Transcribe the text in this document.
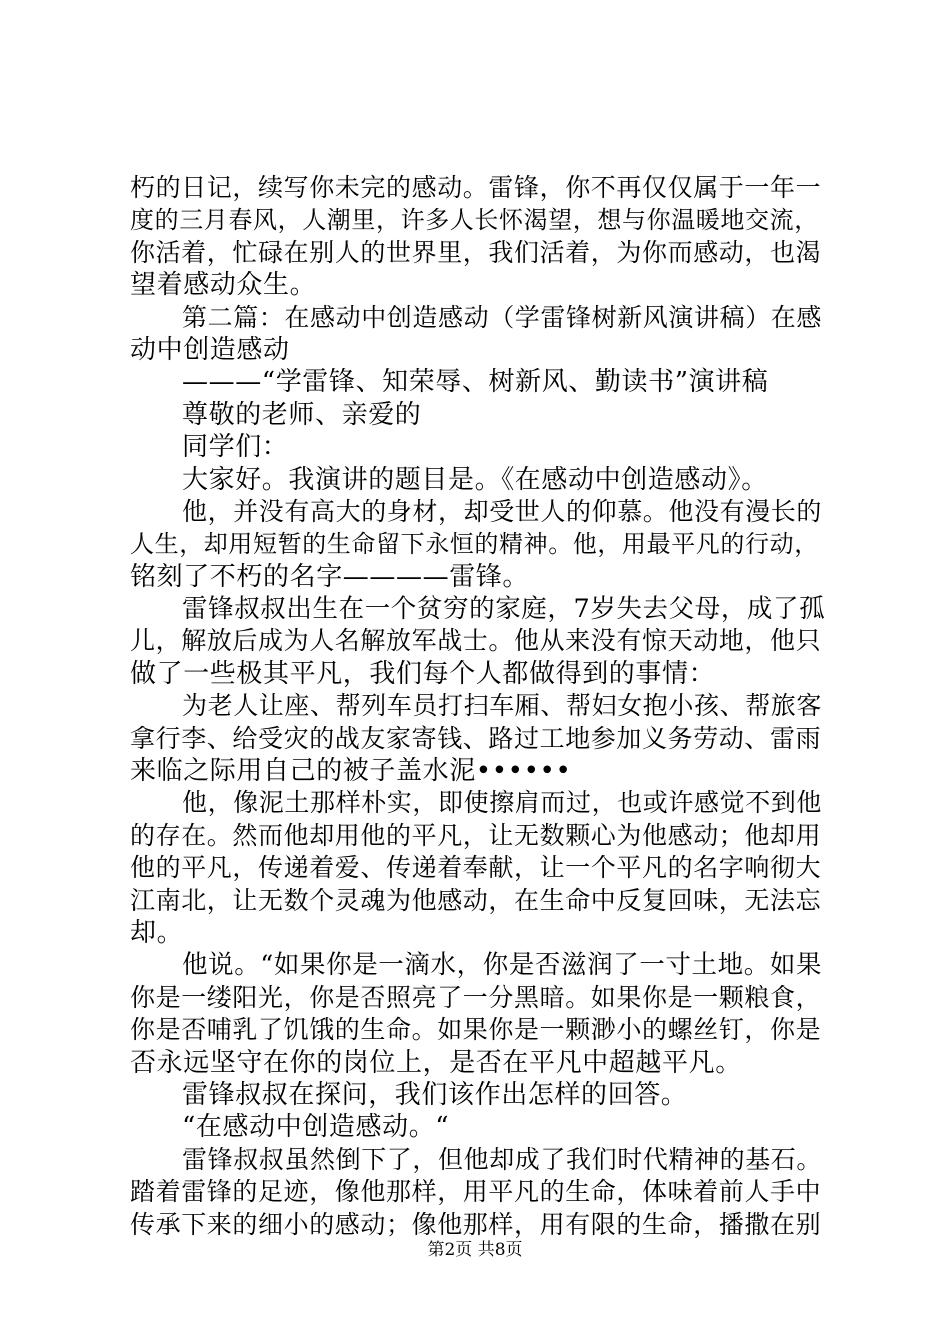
朽的日记，续写你未完的感动。雷锋，你不再仅仅属于一年一
度的三月春风，人潮里，许多人长怀渴望，想与你温暖地交流，
你活着，忙碌在别人的世界里，我们活着，为你而感动，也渴
望着感动众生。
第二篇：在感动中创造感动（学雷锋树新风演讲稿）在感
动中创造感动
———“学雷锋、知荣辱、树新风、勤读书”演讲稿
尊敬的老师、亲爱的
同学们：
大家好。我演讲的题目是。《在感动中创造感动》。
他，并没有高大的身材，却受世人的仰慕。他没有漫长的
人生，却用短暂的生命留下永恒的精神。他，用最平凡的行动，
铭刻了不朽的名字————雷锋。
雷锋叔叔出生在一个贫穷的家庭，7岁失去父母，成了孤
儿，解放后成为人名解放军战士。他从来没有惊天动地，他只
做了一些极其平凡，我们每个人都做得到的事情：
为老人让座、帮列车员打扫车厢、帮妇女抱小孩、帮旅客
拿行李、给受灾的战友家寄钱、路过工地参加义务劳动、雷雨
来临之际用自己的被子盖水泥••••••
他，像泥土那样朴实，即使擦肩而过，也或许感觉不到他
的存在。然而他却用他的平凡，让无数颗心为他感动；他却用
他的平凡，传递着爱、传递着奉献，让一个平凡的名字响彻大
江南北，让无数个灵魂为他感动，在生命中反复回味，无法忘
却。
他说。“如果你是一滴水，你是否滋润了一寸土地。如果
你是一缕阳光，你是否照亮了一分黑暗。如果你是一颗粮食，
你是否哺乳了饥饿的生命。如果你是一颗渺小的螺丝钉，你是
否永远坚守在你的岗位上，是否在平凡中超越平凡。
雷锋叔叔在探问，我们该作出怎样的回答。
“在感动中创造感动。“
雷锋叔叔虽然倒下了，但他却成了我们时代精神的基石。
踏着雷锋的足迹，像他那样，用平凡的生命，体味着前人手中
传承下来的细小的感动；像他那样，用有限的生命，播撒在别
第2页 共8页
